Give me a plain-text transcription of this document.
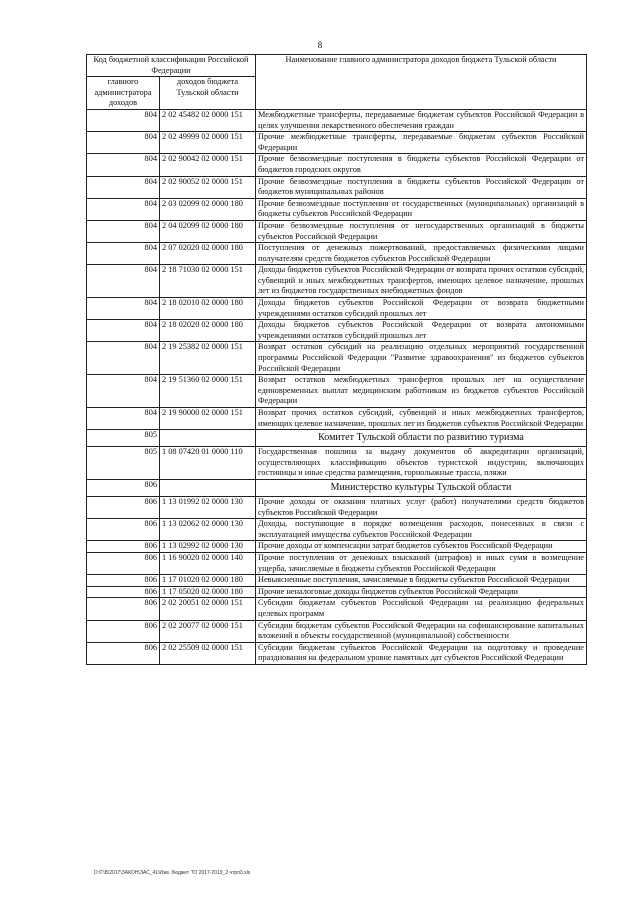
8
Код бюджетной классификации Российской Федерации		Наименование главного администратора доходов бюджета Тульской области
главного администратора доходов	доходов бюджета Тульской области	
804	2 02 45482 02 0000 151	Межбюджетные трансферты, передаваемые бюджетам субъектов Российской Федерации в целях улучшения лекарственного обеспечения граждан
804	2 02 49999 02 0000 151	Прочие межбюджетные трансферты, передаваемые бюджетам субъектов Российской Федерации
804	2 02 90042 02 0000 151	Прочие безвозмездные поступления в бюджеты субъектов Российской Федерации от бюджетов городских округов
804	2 02 90052 02 0000 151	Прочие безвозмездные поступления в бюджеты субъектов Российской Федерации от бюджетов муниципальных районов
804	2 03 02099 02 0000 180	Прочие безвозмездные поступления от государственных (муниципальных) организаций в бюджеты субъектов Российской Федерации
804	2 04 02099 02 0000 180	Прочие безвозмездные поступления от негосударственных организаций в бюджеты субъектов Российской Федерации
804	2 07 02020 02 0000 180	Поступления от денежных пожертвований, предоставляемых физическими лицами получателям средств бюджетов субъектов Российской Федерации
804	2 18 71030 02 0000 151	Доходы бюджетов субъектов Российской Федерации от возврата прочих остатков субсидий, субвенций и иных межбюджетных трансфертов, имеющих целевое назначение, прошлых лет из бюджетов государственных внебюджетных фондов
804	2 18 02010 02 0000 180	Доходы бюджетов субъектов Российской Федерации от возврата бюджетными учреждениями остатков субсидий прошлых лет
804	2 18 02020 02 0000 180	Доходы бюджетов субъектов Российской Федерации от возврата автономными учреждениями остатков субсидий прошлых лет
804	2 19 25382 02 0000 151	Возврат остатков субсидий на реализацию отдельных мероприятий государственной программы Российской Федерации "Развитие здравоохранения" из бюджетов субъектов Российской Федерации
804	2 19 51360 02 0000 151	Возврат остатков межбюджетных трансфертов прошлых лет на осуществление единовременных выплат медицинским работникам из бюджетов субъектов Российской Федерации
804	2 19 90000 02 0000 151	Возврат прочих остатков субсидий, субвенций и иных межбюджетных трансфертов, имеющих целевое назначение, прошлых лет из бюджетов субъектов Российской Федерации
805		Комитет Тульской области по развитию туризма
805	1 08 07420 01 0000 110	Государственная пошлина за выдачу документов об аккредитации организаций, осуществляющих классификацию объектов туристской индустрии, включающих гостиницы и иные средства размещения, горнолыжные трассы, пляжи
806		Министерство культуры Тульской области
806	1 13 01992 02 0000 130	Прочие доходы от оказания платных услуг (работ) получателями средств бюджетов субъектов Российской Федерации
806	1 13 02062 02 0000 130	Доходы, поступающие в порядке возмещения расходов, понесенных в связи с эксплуатацией имущества субъектов Российской Федерации
806	1 13 02992 02 0000 130	Прочие доходы от компенсации затрат бюджетов субъектов Российской Федерации
806	1 16 90020 02 0000 140	Прочие поступления от денежных взысканий (штрафов) и иных сумм в возмещение ущерба, зачисляемые в бюджеты субъектов Российской Федерации
806	1 17 01020 02 0000 180	Невыясненные поступления, зачисляемые в бюджеты субъектов Российской Федерации
806	1 17 05020 02 0000 180	Прочие неналоговые доходы бюджетов субъектов Российской Федерации
806	2 02 20051 02 0000 151	Субсидии бюджетам субъектов Российской Федерации на реализацию федеральных целевых программ
806	2 02 20077 02 0000 151	Субсидии бюджетам субъектов Российской Федерации на софинансирование капитальных вложений в объекты государственной (муниципальной) собственности
806	2 02 25509 02 0000 151	Субсидии бюджетам субъектов Российской Федерации на подготовку и проведение празднования на федеральном уровне памятных дат субъектов Российской Федерации
D:\Г\В\2017\ЗАКОН\ЗАС_41\Изм. бюджет ТО 2017-2019_2 чтрп3.xls
